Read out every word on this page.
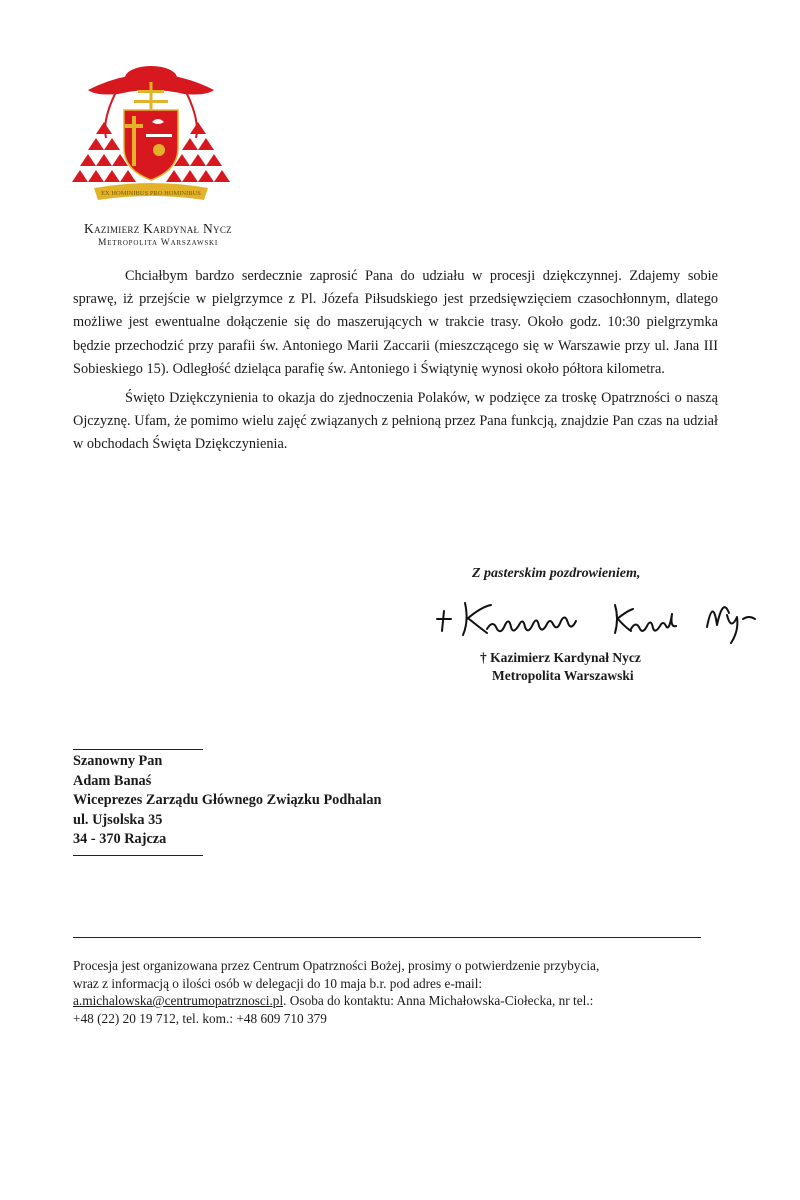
EX HOMINIBUS PRO HOMINIBUS
Kazimierz Kardynał Nycz
Metropolita Warszawski

Chciałbym bardzo serdecznie zaprosić Pana do udziału w procesji dziękczynnej. Zdajemy sobie sprawę, iż przejście w pielgrzymce z Pl. Józefa Piłsudskiego jest przedsięwzięciem czasochłonnym, dlatego możliwe jest ewentualne dołączenie się do maszerujących w trakcie trasy. Około godz. 10:30 pielgrzymka będzie przechodzić przy parafii św. Antoniego Marii Zaccarii (mieszczącego się w Warszawie przy ul. Jana III Sobieskiego 15). Odległość dzieląca parafię św. Antoniego i Świątynię wynosi około półtora kilometra.

Święto Dziękczynienia to okazja do zjednoczenia Polaków, w podzięce za troskę Opatrzności o naszą Ojczyznę. Ufam, że pomimo wielu zajęć związanych z pełnioną przez Pana funkcją, znajdzie Pan czas na udział w obchodach Święta Dziękczynienia.

Z pasterskim pozdrowieniem,
† Kazimierz Kardynał Nycz
Metropolita Warszawski
Szanowny Pan
Adam Banaś
Wiceprezes Zarządu Głównego Związku Podhalan
ul. Ujsolska 35
34 - 370 Rajcza
Procesja jest organizowana przez Centrum Opatrzności Bożej, prosimy o potwierdzenie przybycia,
wraz z informacją o ilości osób w delegacji do 10 maja b.r. pod adres e-mail:
a.michalowska@centrumopatrznosci.pl. Osoba do kontaktu: Anna Michałowska-Ciołecka, nr tel.:
+48 (22) 20 19 712, tel. kom.: +48 609 710 379
